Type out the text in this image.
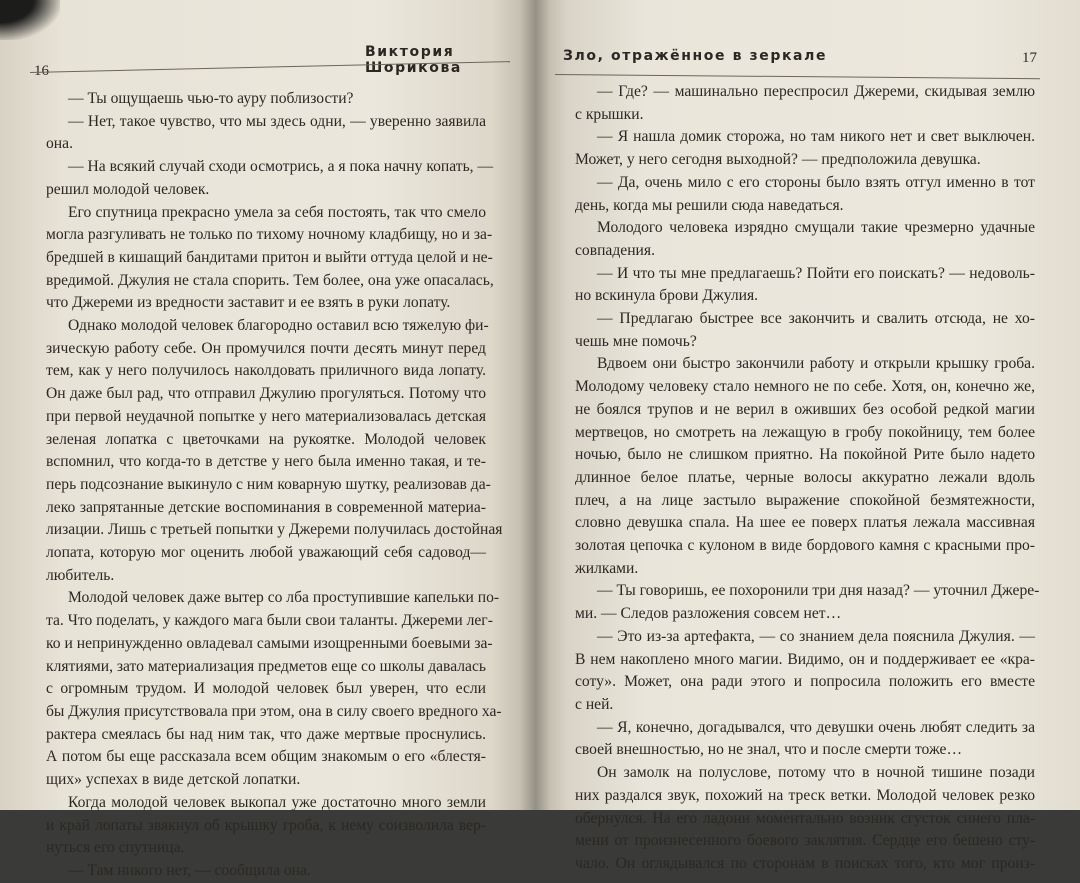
Виктория Шорикова
— Ты ощущаешь чью-то ауру поблизости?
— Нет, такое чувство, что мы здесь одни, — уверенно заявила
она.
— На всякий случай сходи осмотрись, а я пока начну копать, —
решил молодой человек.
Его спутница прекрасно умела за себя постоять, так что смело
могла разгуливать не только по тихому ночному кладбищу, но и за-
бредшей в кишащий бандитами притон и выйти оттуда целой и не-
вредимой. Джулия не стала спорить. Тем более, она уже опасалась,
что Джереми из вредности заставит и ее взять в руки лопату.
Однако молодой человек благородно оставил всю тяжелую фи-
зическую работу себе. Он промучился почти десять минут перед
тем, как у него получилось наколдовать приличного вида лопату.
Он даже был рад, что отправил Джулию прогуляться. Потому что
при первой неудачной попытке у него материализовалась детская
зеленая лопатка с цветочками на рукоятке. Молодой человек
вспомнил, что когда-то в детстве у него была именно такая, и те-
перь подсознание выкинуло с ним коварную шутку, реализовав да-
леко запрятанные детские воспоминания в современной материа-
лизации. Лишь с третьей попытки у Джереми получилась достойная
лопата, которую мог оценить любой уважающий себя садовод—
любитель.
Молодой человек даже вытер со лба проступившие капельки по-
та. Что поделать, у каждого мага были свои таланты. Джереми лег-
ко и непринужденно овладевал самыми изощренными боевыми за-
клятиями, зато материализация предметов еще со школы давалась
с огромным трудом. И молодой человек был уверен, что если
бы Джулия присутствовала при этом, она в силу своего вредного ха-
рактера смеялась бы над ним так, что даже мертвые проснулись.
А потом бы еще рассказала всем общим знакомым о его «блестя-
щих» успехах в виде детской лопатки.
Когда молодой человек выкопал уже достаточно много земли
и край лопаты звякнул об крышку гроба, к нему соизволила вер-
нуться его спутница.
— Там никого нет, — сообщила она.
Зло, отражённое в зеркале	17
— Где? — машинально переспросил Джереми, скидывая землю
с крышки.
— Я нашла домик сторожа, но там никого нет и свет выключен.
Может, у него сегодня выходной? — предположила девушка.
— Да, очень мило с его стороны было взять отгул именно в тот
день, когда мы решили сюда наведаться.
Молодого человека изрядно смущали такие чрезмерно удачные
совпадения.
— И что ты мне предлагаешь? Пойти его поискать? — недоволь-
но вскинула брови Джулия.
— Предлагаю быстрее все закончить и свалить отсюда, не хо-
чешь мне помочь?
Вдвоем они быстро закончили работу и открыли крышку гроба.
Молодому человеку стало немного не по себе. Хотя, он, конечно же,
не боялся трупов и не верил в оживших без особой редкой магии
мертвецов, но смотреть на лежащую в гробу покойницу, тем более
ночью, было не слишком приятно. На покойной Рите было надето
длинное белое платье, черные волосы аккуратно лежали вдоль
плеч, а на лице застыло выражение спокойной безмятежности,
словно девушка спала. На шее ее поверх платья лежала массивная
золотая цепочка с кулоном в виде бордового камня с красными про-
жилками.
— Ты говоришь, ее похоронили три дня назад? — уточнил Джере-
ми. — Следов разложения совсем нет…
— Это из-за артефакта, — со знанием дела пояснила Джулия. —
В нем накоплено много магии. Видимо, он и поддерживает ее «кра-
соту». Может, она ради этого и попросила положить его вместе
с ней.
— Я, конечно, догадывался, что девушки очень любят следить за
своей внешностью, но не знал, что и после смерти тоже…
Он замолк на полуслове, потому что в ночной тишине позади
них раздался звук, похожий на треск ветки. Молодой человек резко
обернулся. На его ладони моментально возник сгусток синего пла-
мени от произнесенного боевого заклятия. Сердце его бешено сту-
чало. Он оглядывался по сторонам в поисках того, кто мог произ-
